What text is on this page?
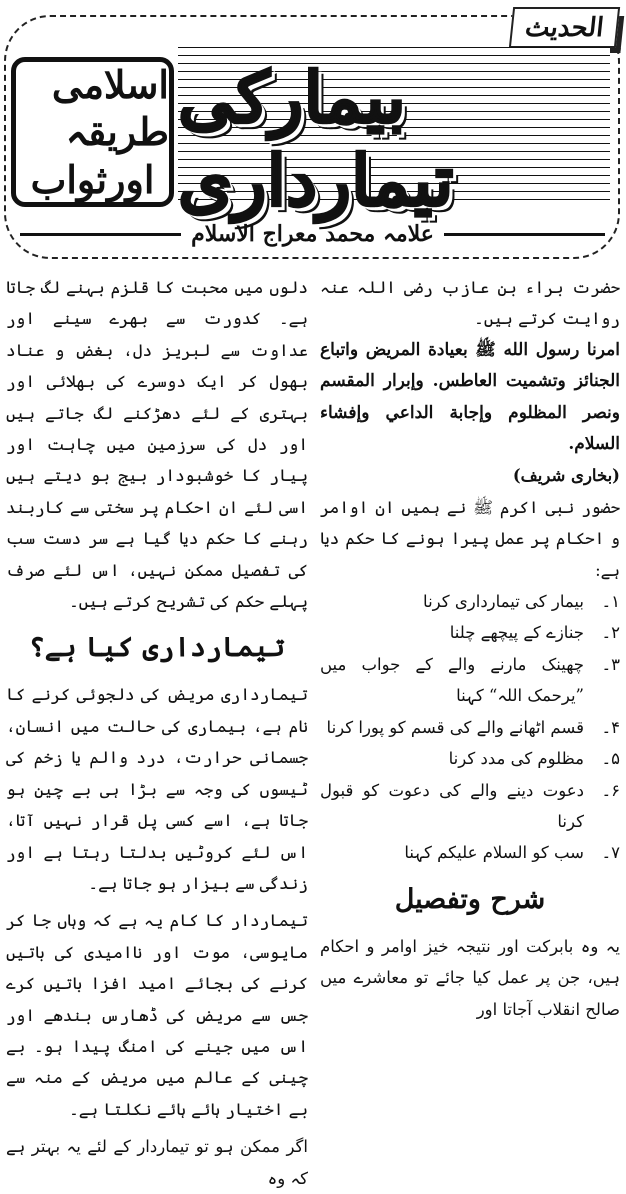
الحدیث
بیمارکی تیمارداری
اسلامی طریقہ
اورثواب
علامہ محمد معراج الاسلام

حضرت براء بن عازب رضی اللہ عنہ روایت کرتے ہیں۔

امرنا رسول الله ﷺ بعيادة المريض واتباع الجنائز وتشميت العاطس. وإبرار المقسم ونصر المظلوم وإجابة الداعي وإفشاء السلام.

(بخاری شریف)

حضور نبی اکرم ﷺ نے ہمیں ان اوامر و احکام پر عمل پیرا ہونے کا حکم دیا ہے:

۱۔
بیمار کی تیمارداری کرنا
۲۔
جنازے کے پیچھے چلنا
۳۔
چھینک مارنے والے کے جواب میں ”یرحمک اللہ“ کہنا
۴۔
قسم اٹھانے والے کی قسم کو پورا کرنا
۵۔
مظلوم کی مدد کرنا
۶۔
دعوت دینے والے کی دعوت کو قبول کرنا
۷۔
سب کو السلام علیکم کہنا
شرح وتفصیل

یہ وہ بابرکت اور نتیجہ خیز اوامر و احکام ہیں، جن پر عمل کیا جائے تو معاشرے میں صالح انقلاب آجاتا اور

دلوں میں محبت کا قلزم بہنے لگ جاتا ہے۔ کدورت سے بھرے سینے اور عداوت سے لبریز دل، بغض و عناد بھول کر ایک دوسرے کی بھلائی اور بہتری کے لئے دھڑکنے لگ جاتے ہیں اور دل کی سرزمین میں چاہت اور پیار کا خوشبودار بیج بو دیتے ہیں اسی لئے ان احکام پر سختی سے کاربند رہنے کا حکم دیا گیا ہے سر دست سب کی تفصیل ممکن نہیں، اس لئے صرف پہلے حکم کی تشریح کرتے ہیں۔

تیمارداری کیا ہے؟

تیمارداری مریض کی دلجوئی کرنے کا نام ہے، بیماری کی حالت میں انسان، جسمانی حرارت، درد والم یا زخم کی ٹیسوں کی وجہ سے بڑا ہی بے چین ہو جاتا ہے، اسے کسی پل قرار نہیں آتا، اس لئے کروٹیں بدلتا رہتا ہے اور زندگی سے بیزار ہو جاتا ہے۔

تیماردار کا کام یہ ہے کہ وہاں جا کر مایوسی، موت اور ناامیدی کی باتیں کرنے کی بجائے امید افزا باتیں کرے جس سے مریض کی ڈھارس بندھے اور اس میں جینے کی امنگ پیدا ہو۔ بے چینی کے عالم میں مریض کے منہ سے بے اختیار ہائے ہائے نکلتا ہے۔

اگر ممکن ہو تو تیماردار کے لئے یہ بہتر ہے کہ وہ
